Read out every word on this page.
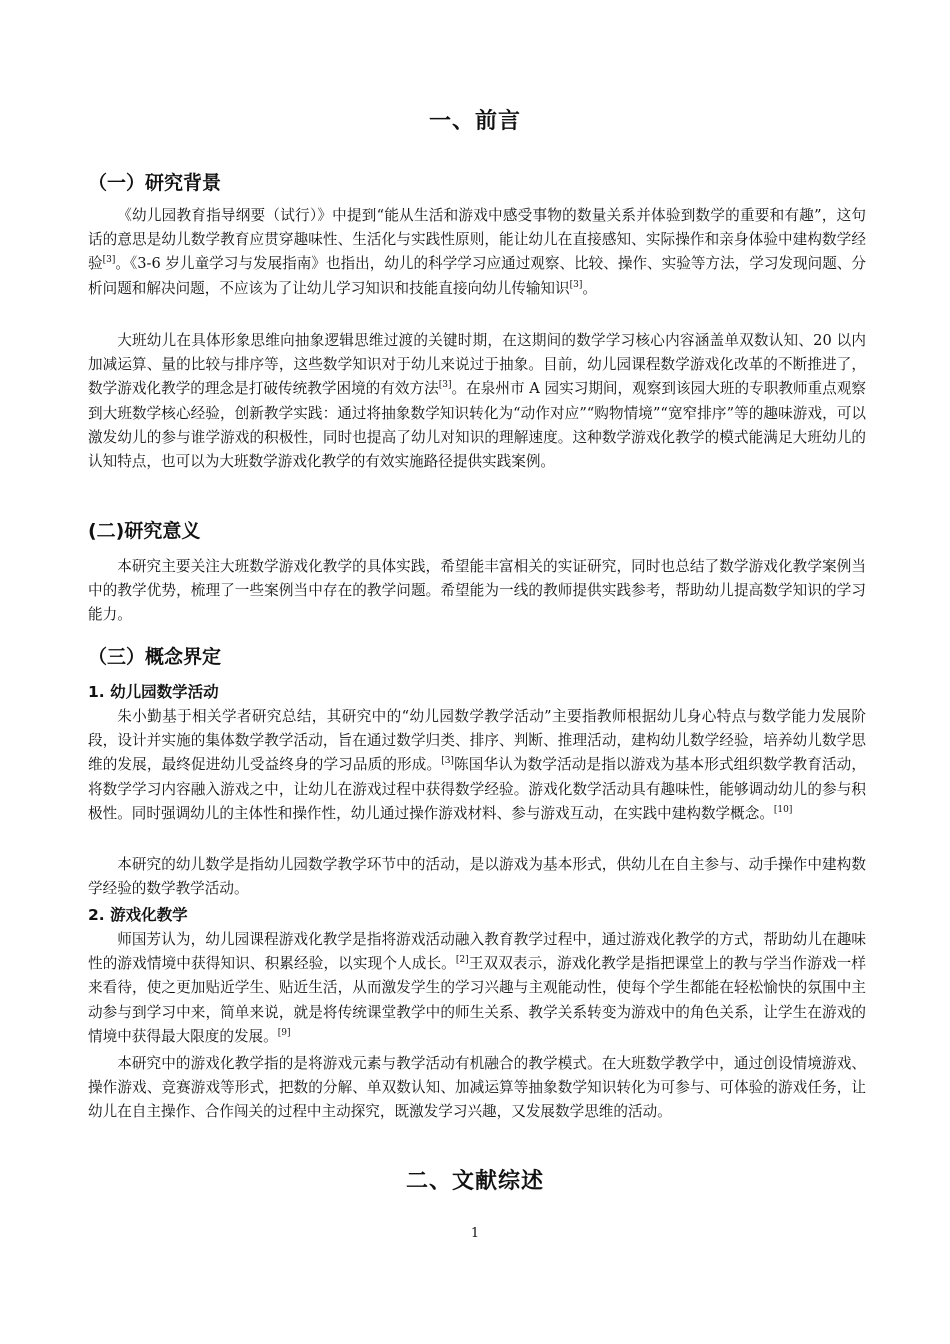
一、前言
（一）研究背景

《幼儿园教育指导纲要（试行）》中提到“能从生活和游戏中感受事物的数量关系并体验到数学的重要和有趣”，这句话的意思是幼儿数学教育应贯穿趣味性、生活化与实践性原则，能让幼儿在直接感知、实际操作和亲身体验中建构数学经验[3]。《3-6 岁儿童学习与发展指南》也指出，幼儿的科学学习应通过观察、比较、操作、实验等方法，学习发现问题、分析问题和解决问题，不应该为了让幼儿学习知识和技能直接向幼儿传输知识[3]。

大班幼儿在具体形象思维向抽象逻辑思维过渡的关键时期，在这期间的数学学习核心内容涵盖单双数认知、20 以内加减运算、量的比较与排序等，这些数学知识对于幼儿来说过于抽象。目前，幼儿园课程数学游戏化改革的不断推进了，数学游戏化教学的理念是打破传统教学困境的有效方法[3]。在泉州市 A 园实习期间，观察到该园大班的专职教师重点观察到大班数学核心经验，创新教学实践：通过将抽象数学知识转化为“动作对应”“购物情境”“宽窄排序”等的趣味游戏，可以激发幼儿的参与谁学游戏的积极性，同时也提高了幼儿对知识的理解速度。这种数学游戏化教学的模式能满足大班幼儿的认知特点，也可以为大班数学游戏化教学的有效实施路径提供实践案例。

(二)研究意义

本研究主要关注大班数学游戏化教学的具体实践，希望能丰富相关的实证研究，同时也总结了数学游戏化教学案例当中的教学优势，梳理了一些案例当中存在的教学问题。希望能为一线的教师提供实践参考，帮助幼儿提高数学知识的学习能力。

（三）概念界定
1. 幼儿园数学活动

朱小勤基于相关学者研究总结，其研究中的“幼儿园数学教学活动”主要指教师根据幼儿身心特点与数学能力发展阶段，设计并实施的集体数学教学活动，旨在通过数学归类、排序、判断、推理活动，建构幼儿数学经验，培养幼儿数学思维的发展，最终促进幼儿受益终身的学习品质的形成。[3]陈国华认为数学活动是指以游戏为基本形式组织数学教育活动，将数学学习内容融入游戏之中，让幼儿在游戏过程中获得数学经验。游戏化数学活动具有趣味性，能够调动幼儿的参与积极性。同时强调幼儿的主体性和操作性，幼儿通过操作游戏材料、参与游戏互动，在实践中建构数学概念。[10]

本研究的幼儿数学是指幼儿园数学教学环节中的活动，是以游戏为基本形式，供幼儿在自主参与、动手操作中建构数学经验的数学教学活动。

2. 游戏化教学

师国芳认为，幼儿园课程游戏化教学是指将游戏活动融入教育教学过程中，通过游戏化教学的方式，帮助幼儿在趣味性的游戏情境中获得知识、积累经验，以实现个人成长。[2]王双双表示，游戏化教学是指把课堂上的教与学当作游戏一样来看待，使之更加贴近学生、贴近生活，从而激发学生的学习兴趣与主观能动性，使每个学生都能在轻松愉快的氛围中主动参与到学习中来，简单来说，就是将传统课堂教学中的师生关系、教学关系转变为游戏中的角色关系，让学生在游戏的情境中获得最大限度的发展。[9]

本研究中的游戏化教学指的是将游戏元素与教学活动有机融合的教学模式。在大班数学教学中，通过创设情境游戏、操作游戏、竞赛游戏等形式，把数的分解、单双数认知、加减运算等抽象数学知识转化为可参与、可体验的游戏任务，让幼儿在自主操作、合作闯关的过程中主动探究，既激发学习兴趣，又发展数学思维的活动。

二、文献综述
1
